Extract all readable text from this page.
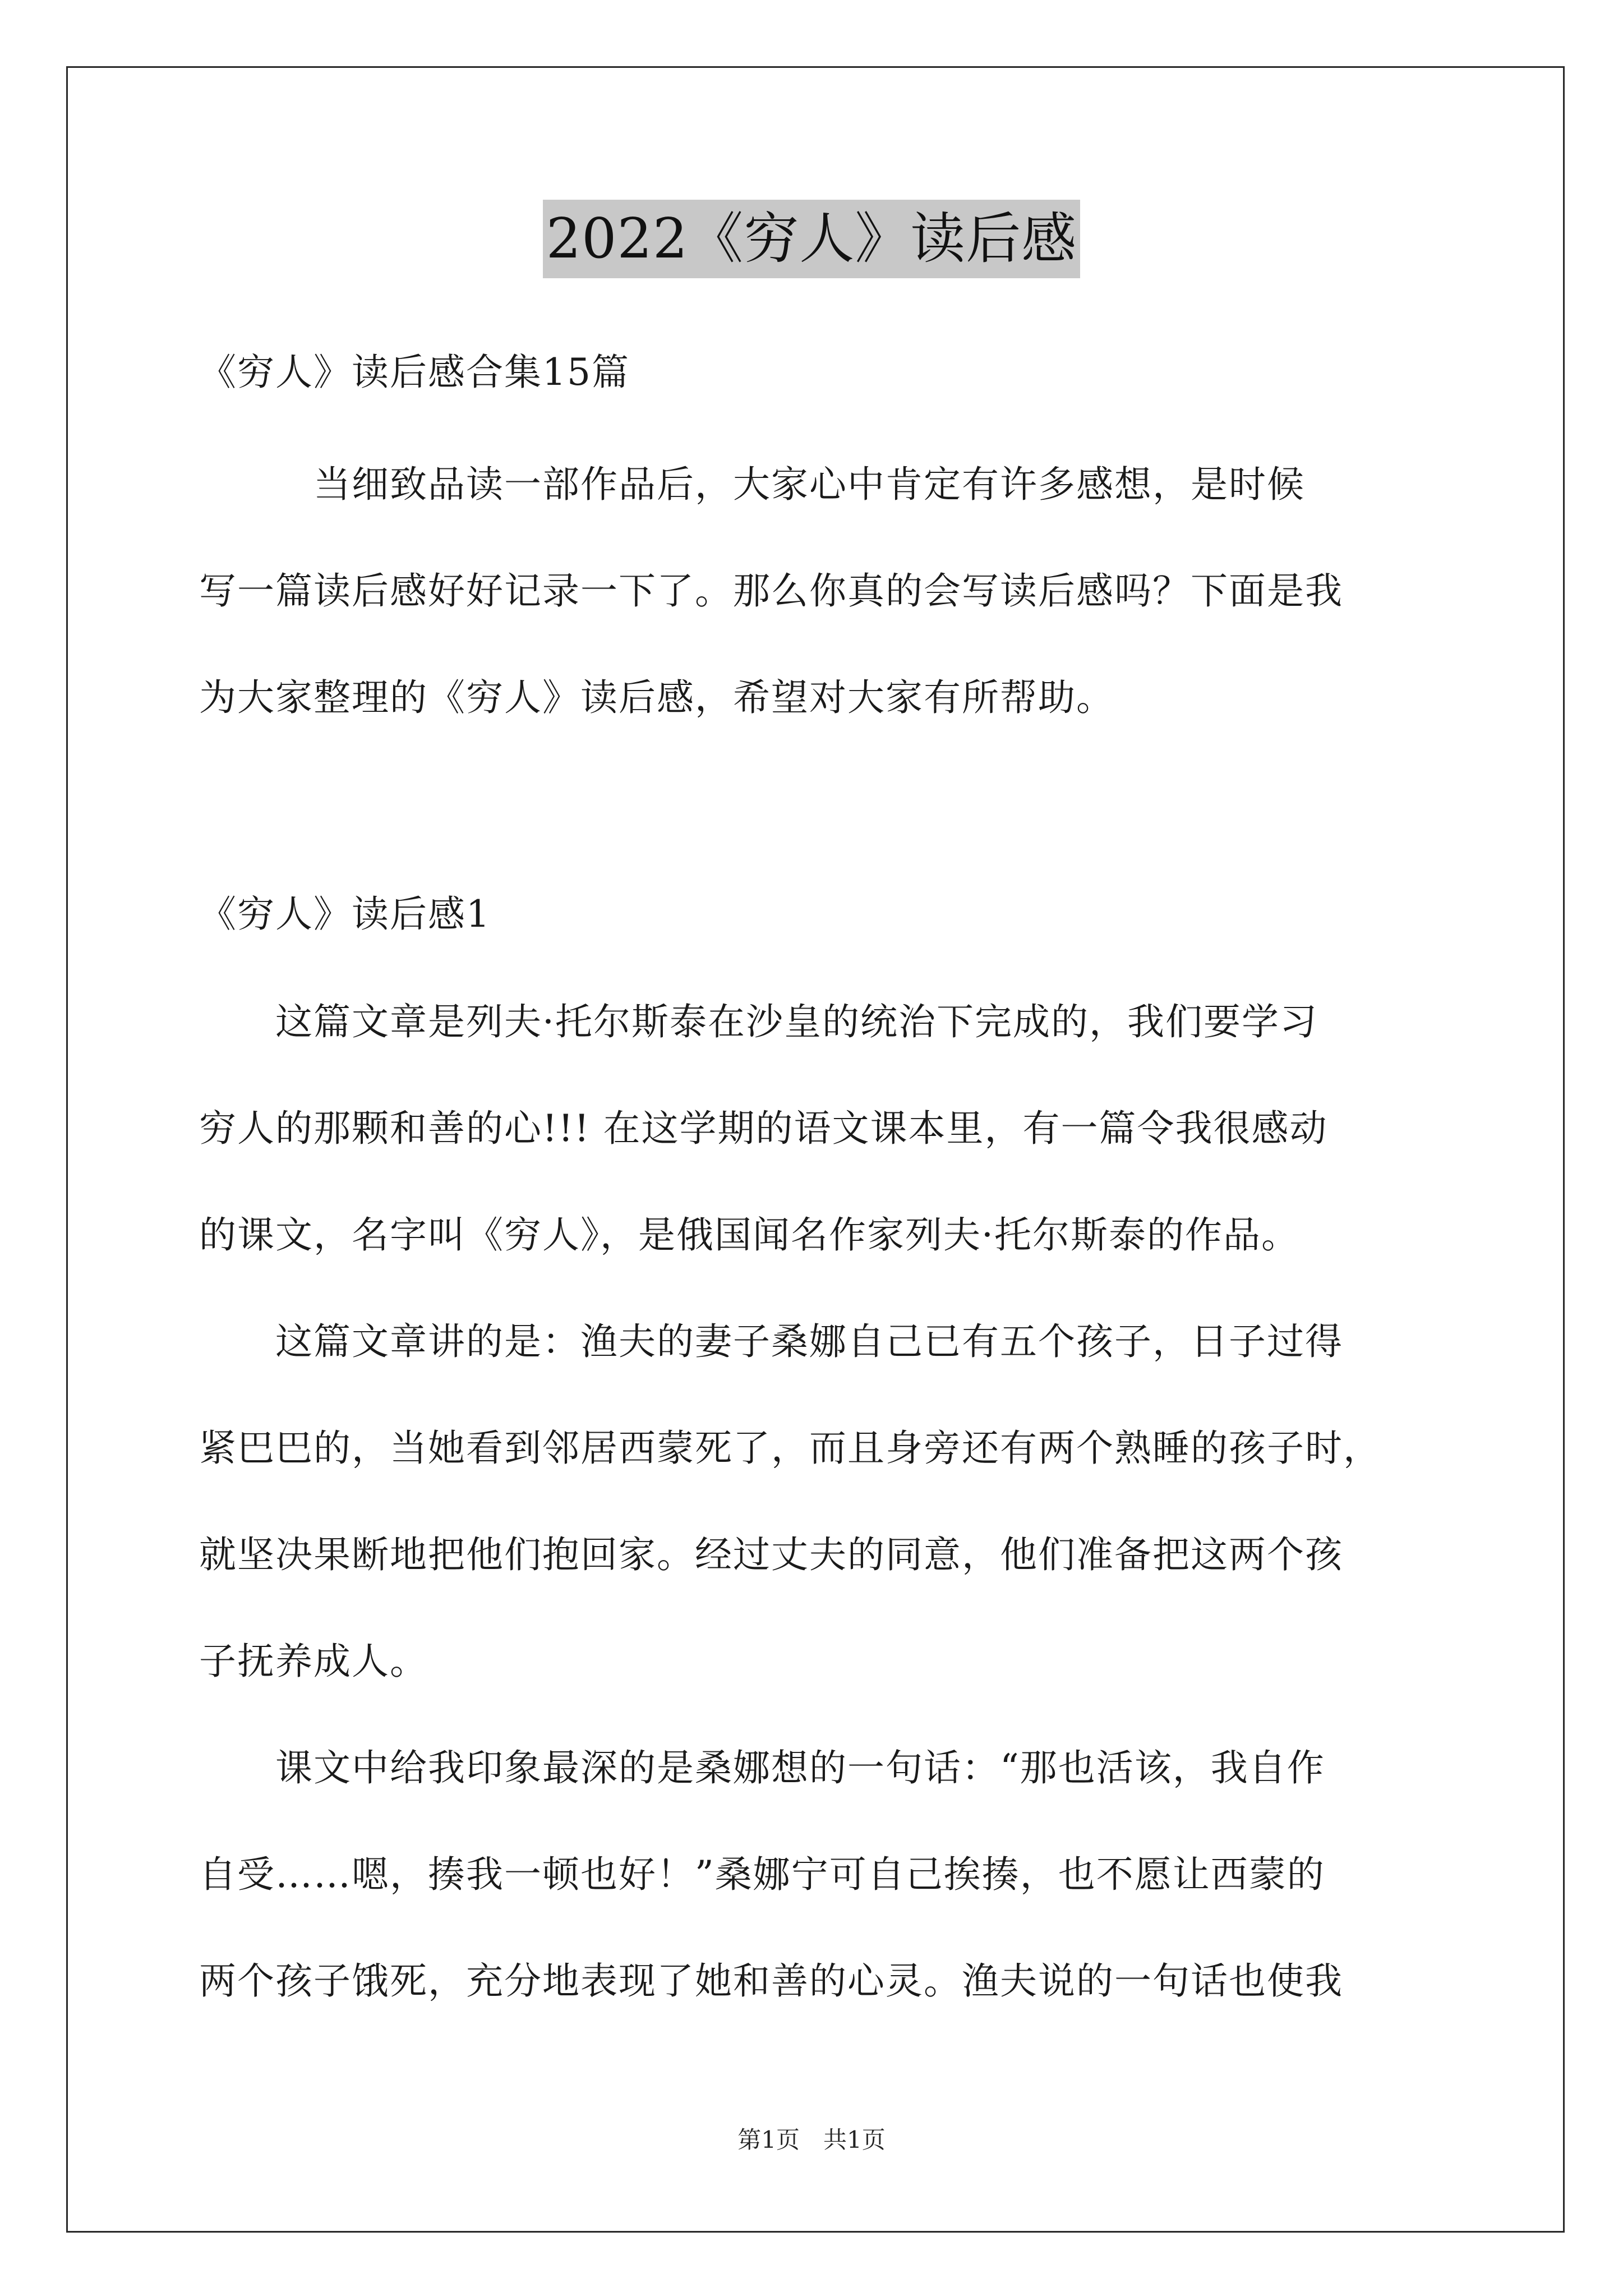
2022《穷人》读后感
《穷人》读后感合集15篇
　　　当细致品读一部作品后，大家心中肯定有许多感想，是时候
写一篇读后感好好记录一下了。那么你真的会写读后感吗？下面是我
为大家整理的《穷人》读后感，希望对大家有所帮助。
《穷人》读后感1
　　这篇文章是列夫·托尔斯泰在沙皇的统治下完成的，我们要学习
穷人的那颗和善的心!!! 在这学期的语文课本里，有一篇令我很感动
的课文，名字叫《穷人》，是俄国闻名作家列夫·托尔斯泰的作品。
　　这篇文章讲的是：渔夫的妻子桑娜自己已有五个孩子，日子过得
紧巴巴的，当她看到邻居西蒙死了，而且身旁还有两个熟睡的孩子时，
就坚决果断地把他们抱回家。经过丈夫的同意，他们准备把这两个孩
子抚养成人。
　　课文中给我印象最深的是桑娜想的一句话：“那也活该，我自作
自受……嗯，揍我一顿也好！”桑娜宁可自己挨揍，也不愿让西蒙的
两个孩子饿死，充分地表现了她和善的心灵。渔夫说的一句话也使我
第1页　共1页
